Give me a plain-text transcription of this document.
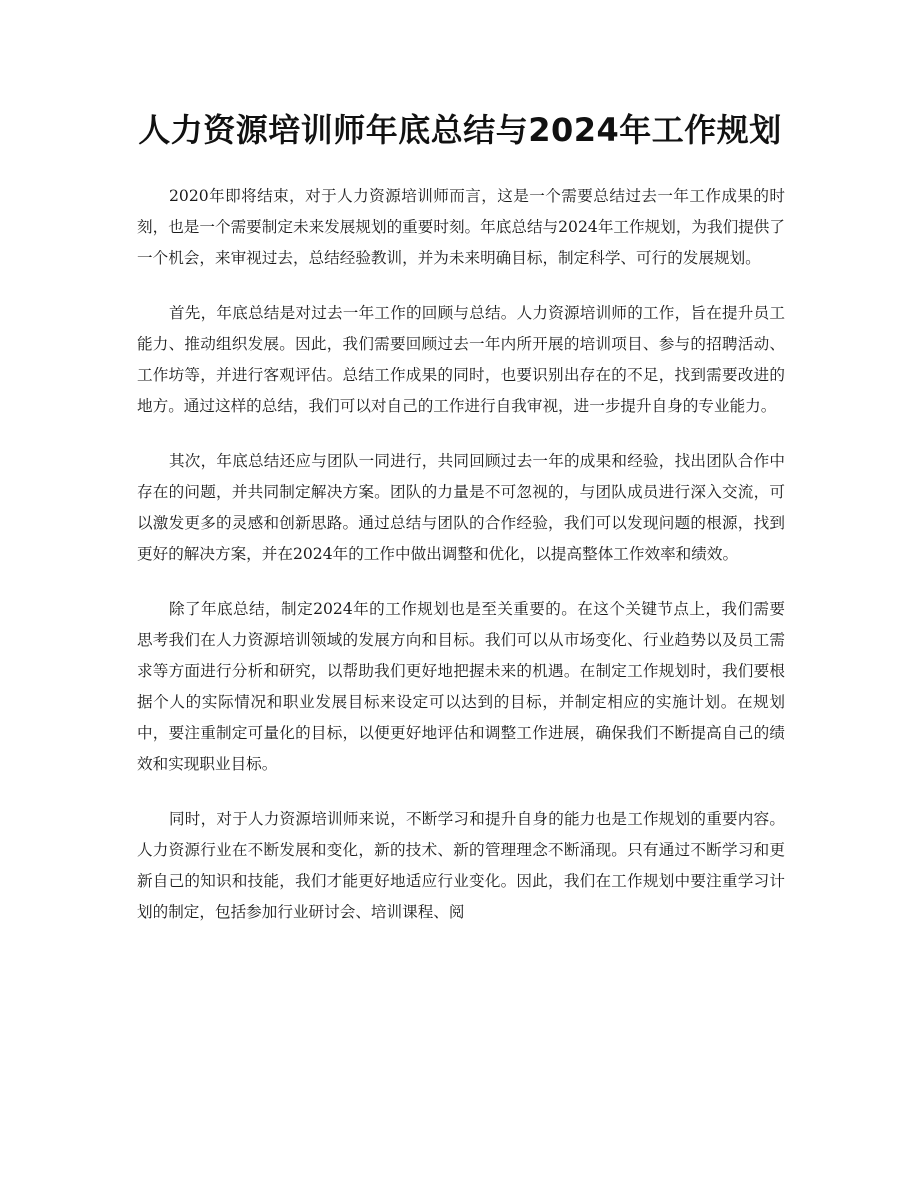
人力资源培训师年底总结与2024年工作规划

2020年即将结束，对于人力资源培训师而言，这是一个需要总结过去一年工作成果的时刻，也是一个需要制定未来发展规划的重要时刻。年底总结与2024年工作规划，为我们提供了一个机会，来审视过去，总结经验教训，并为未来明确目标，制定科学、可行的发展规划。

首先，年底总结是对过去一年工作的回顾与总结。人力资源培训师的工作，旨在提升员工能力、推动组织发展。因此，我们需要回顾过去一年内所开展的培训项目、参与的招聘活动、工作坊等，并进行客观评估。总结工作成果的同时，也要识别出存在的不足，找到需要改进的地方。通过这样的总结，我们可以对自己的工作进行自我审视，进一步提升自身的专业能力。

其次，年底总结还应与团队一同进行，共同回顾过去一年的成果和经验，找出团队合作中存在的问题，并共同制定解决方案。团队的力量是不可忽视的，与团队成员进行深入交流，可以激发更多的灵感和创新思路。通过总结与团队的合作经验，我们可以发现问题的根源，找到更好的解决方案，并在2024年的工作中做出调整和优化，以提高整体工作效率和绩效。

除了年底总结，制定2024年的工作规划也是至关重要的。在这个关键节点上，我们需要思考我们在人力资源培训领域的发展方向和目标。我们可以从市场变化、行业趋势以及员工需求等方面进行分析和研究，以帮助我们更好地把握未来的机遇。在制定工作规划时，我们要根据个人的实际情况和职业发展目标来设定可以达到的目标，并制定相应的实施计划。在规划中，要注重制定可量化的目标，以便更好地评估和调整工作进展，确保我们不断提高自己的绩效和实现职业目标。

同时，对于人力资源培训师来说，不断学习和提升自身的能力也是工作规划的重要内容。人力资源行业在不断发展和变化，新的技术、新的管理理念不断涌现。只有通过不断学习和更新自己的知识和技能，我们才能更好地适应行业变化。因此，我们在工作规划中要注重学习计划的制定，包括参加行业研讨会、培训课程、阅
